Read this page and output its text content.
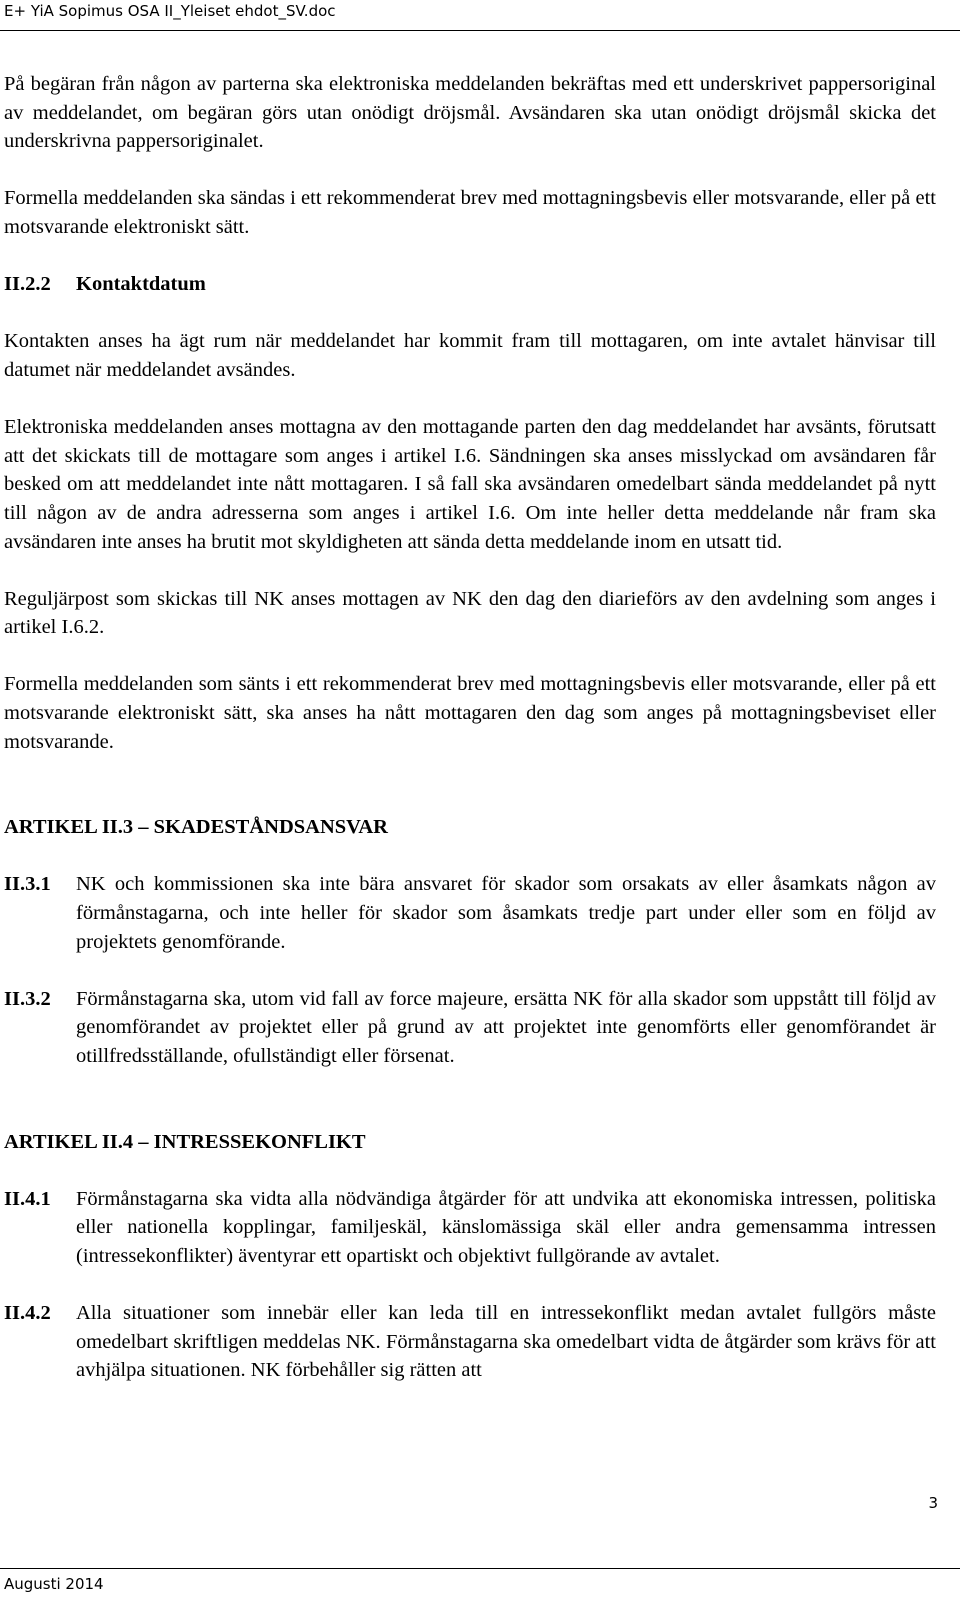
E+ YiA Sopimus OSA II_Yleiset ehdot_SV.doc

På begäran från någon av parterna ska elektroniska meddelanden bekräftas med ett underskrivet pappersoriginal av meddelandet, om begäran görs utan onödigt dröjsmål. Avsändaren ska utan onödigt dröjsmål skicka det underskrivna pappersoriginalet.

Formella meddelanden ska sändas i ett rekommenderat brev med mottagningsbevis eller motsvarande, eller på ett motsvarande elektroniskt sätt.

II.2.2 Kontaktdatum

Kontakten anses ha ägt rum när meddelandet har kommit fram till mottagaren, om inte avtalet hänvisar till datumet när meddelandet avsändes.

Elektroniska meddelanden anses mottagna av den mottagande parten den dag meddelandet har avsänts, förutsatt att det skickats till de mottagare som anges i artikel I.6. Sändningen ska anses misslyckad om avsändaren får besked om att meddelandet inte nått mottagaren. I så fall ska avsändaren omedelbart sända meddelandet på nytt till någon av de andra adresserna som anges i artikel I.6. Om inte heller detta meddelande når fram ska avsändaren inte anses ha brutit mot skyldigheten att sända detta meddelande inom en utsatt tid.

Reguljärpost som skickas till NK anses mottagen av NK den dag den diarieförs av den avdelning som anges i artikel I.6.2.

Formella meddelanden som sänts i ett rekommenderat brev med mottagningsbevis eller motsvarande, eller på ett motsvarande elektroniskt sätt, ska anses ha nått mottagaren den dag som anges på mottagningsbeviset eller motsvarande.

ARTIKEL II.3 – SKADESTÅNDSANSVAR
II.3.1	NK och kommissionen ska inte bära ansvaret för skador som orsakats av eller åsamkats någon av förmånstagarna, och inte heller för skador som åsamkats tredje part under eller som en följd av projektets genomförande.
II.3.2	Förmånstagarna ska, utom vid fall av force majeure, ersätta NK för alla skador som uppstått till följd av genomförandet av projektet eller på grund av att projektet inte genomförts eller genomförandet är otillfredsställande, ofullständigt eller försenat.
ARTIKEL II.4 – INTRESSEKONFLIKT
II.4.1	Förmånstagarna ska vidta alla nödvändiga åtgärder för att undvika att ekonomiska intressen, politiska eller nationella kopplingar, familjeskäl, känslomässiga skäl eller andra gemensamma intressen (intressekonflikter) äventyrar ett opartiskt och objektivt fullgörande av avtalet.
II.4.2	Alla situationer som innebär eller kan leda till en intressekonflikt medan avtalet fullgörs måste omedelbart skriftligen meddelas NK. Förmånstagarna ska omedelbart vidta de åtgärder som krävs för att avhjälpa situationen. NK förbehåller sig rätten att
3
Augusti 2014
